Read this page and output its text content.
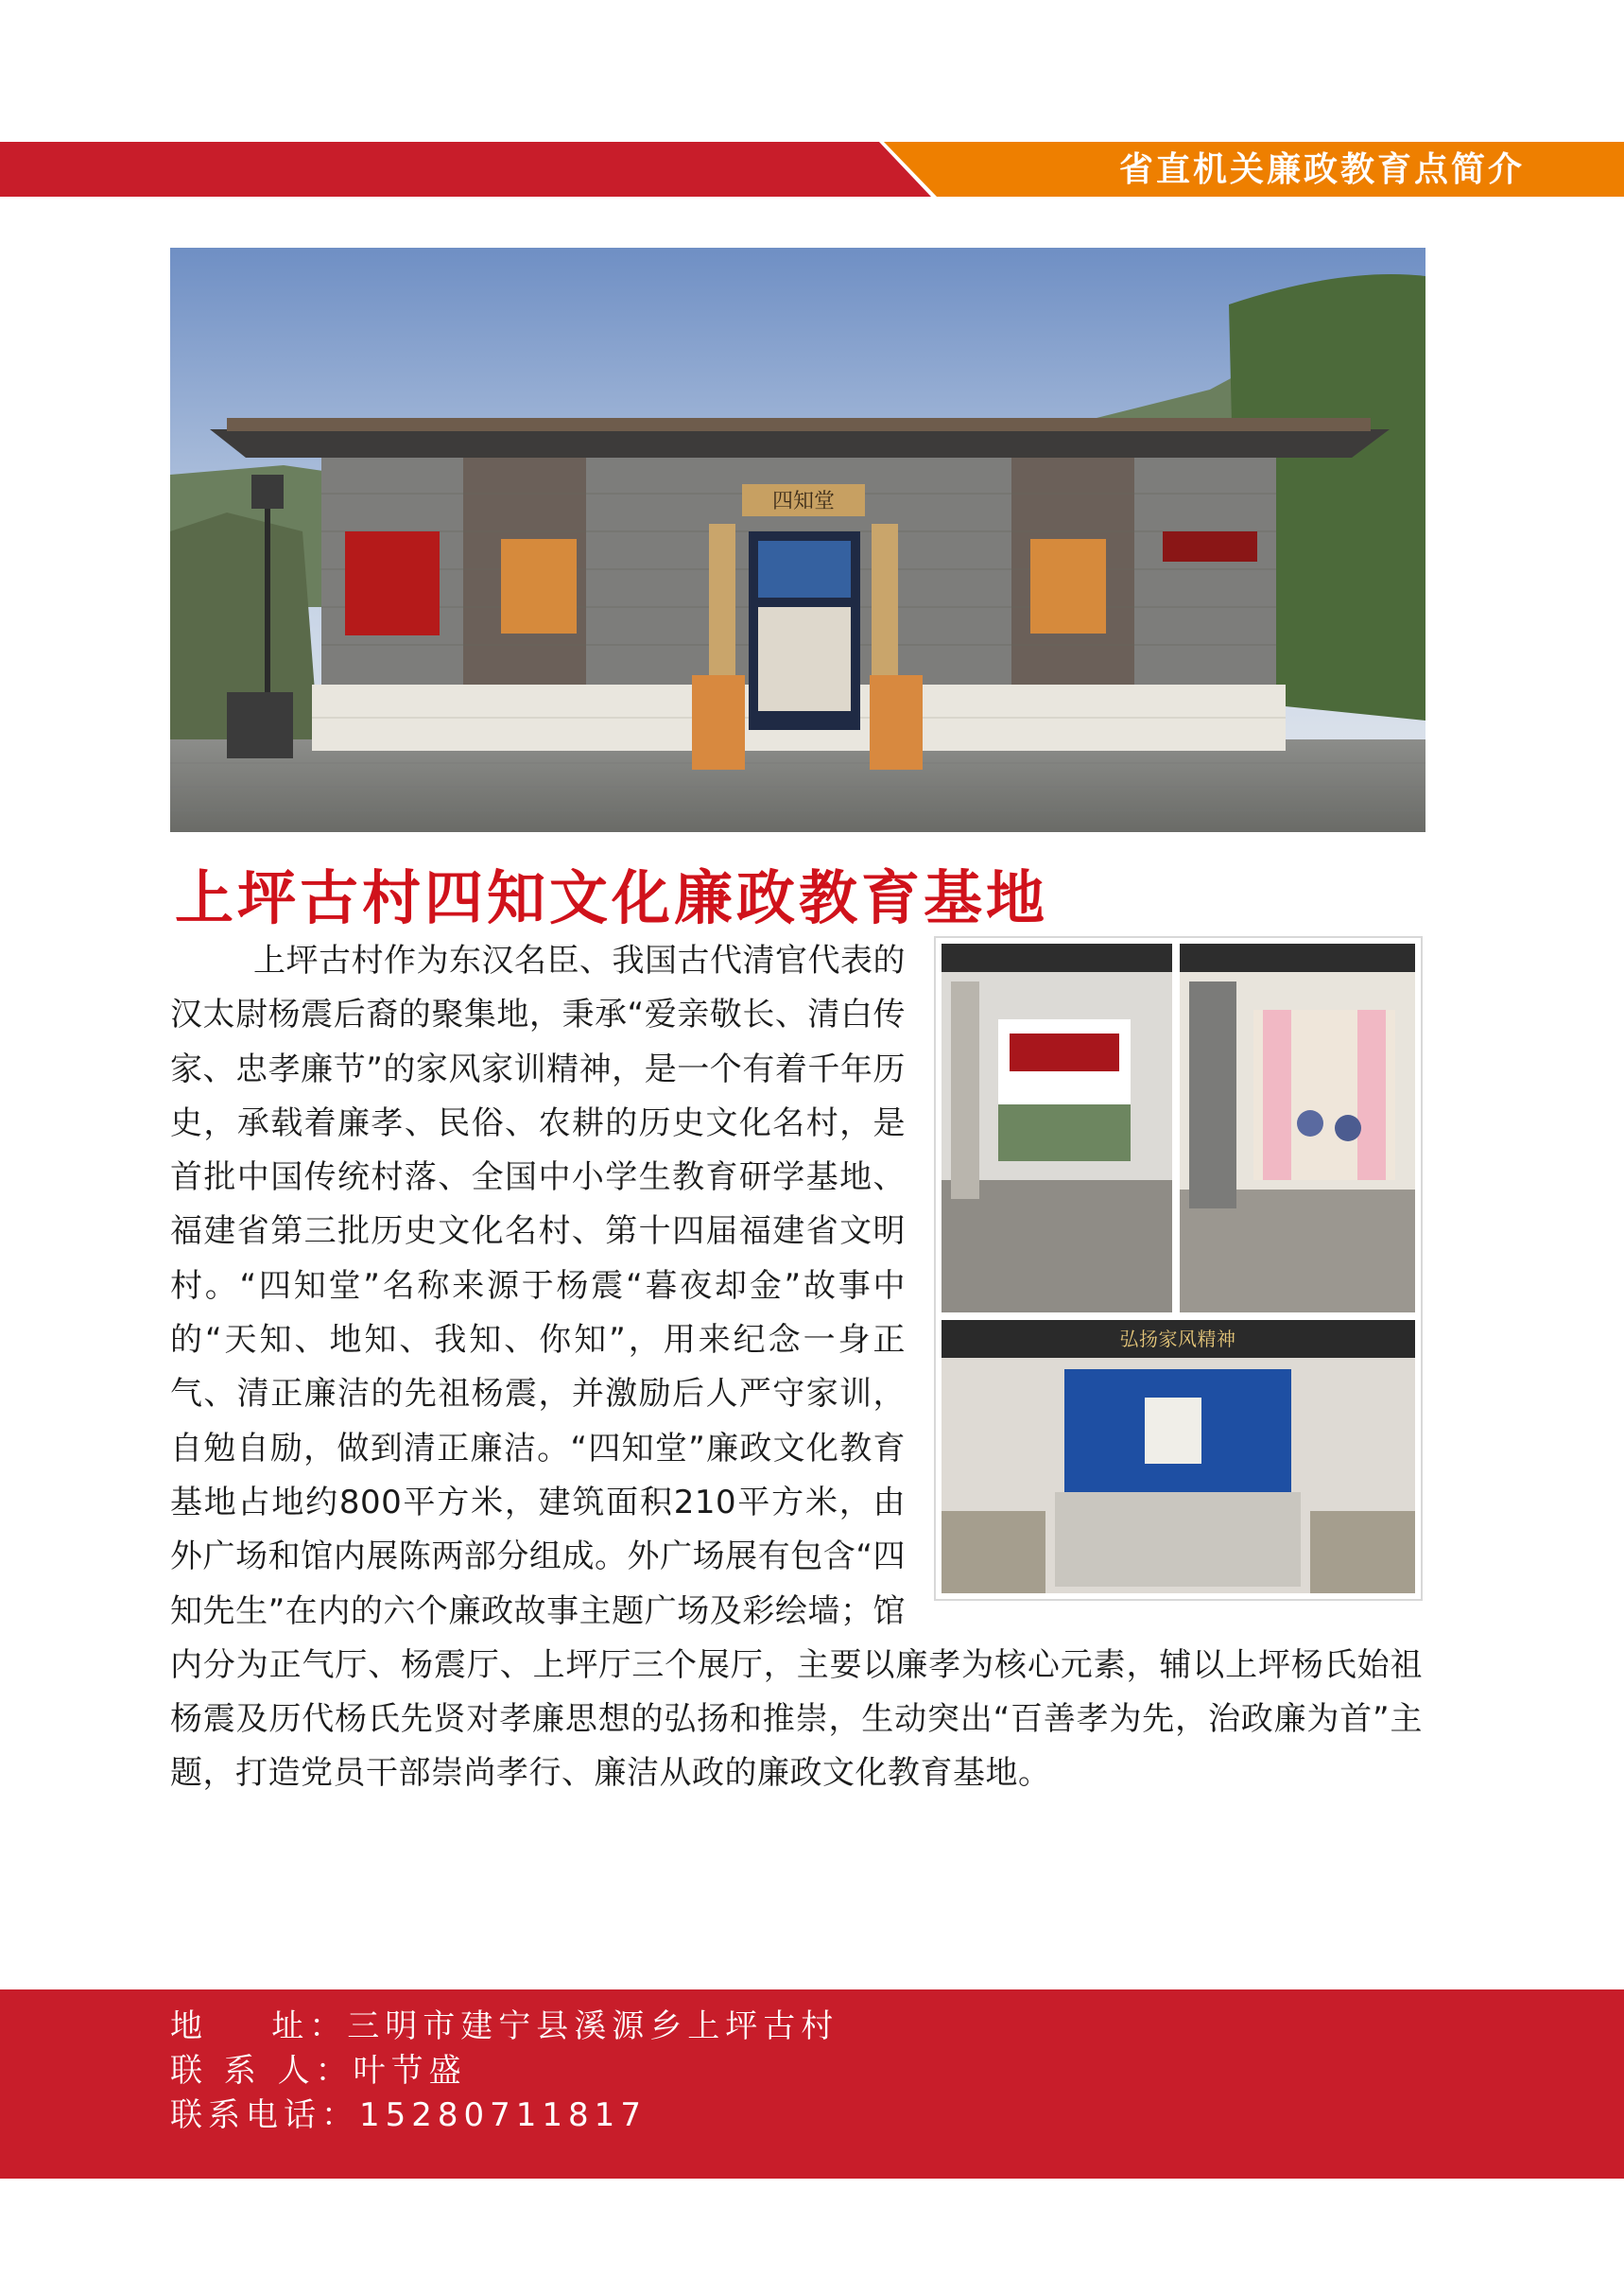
省直机关廉政教育点简介
四知堂
上坪古村四知文化廉政教育基地
弘扬家风精神
上坪古村作为东汉名臣、我国古代清官代表的汉太尉杨震后裔的聚集地，秉承“爱亲敬长、清白传家、忠孝廉节”的家风家训精神，是一个有着千年历史，承载着廉孝、民俗、农耕的历史文化名村，是首批中国传统村落、全国中小学生教育研学基地、福建省第三批历史文化名村、第十四届福建省文明村。“四知堂”名称来源于杨震“暮夜却金”故事中的“天知、地知、我知、你知”，用来纪念一身正气、清正廉洁的先祖杨震，并激励后人严守家训，自勉自励，做到清正廉洁。“四知堂”廉政文化教育基地占地约800平方米，建筑面积210平方米，由外广场和馆内展陈两部分组成。外广场展有包含“四知先生”在内的六个廉政故事主题广场及彩绘墙；馆内分为正气厅、杨震厅、上坪厅三个展厅，主要以廉孝为核心元素，辅以上坪杨氏始祖杨震及历代杨氏先贤对孝廉思想的弘扬和推崇，生动突出“百善孝为先，治政廉为首”主题，打造党员干部崇尚孝行、廉洁从政的廉政文化教育基地。
地    址： 三明市建宁县溪源乡上坪古村
联 系 人： 叶节盛
联系电话： 15280711817
